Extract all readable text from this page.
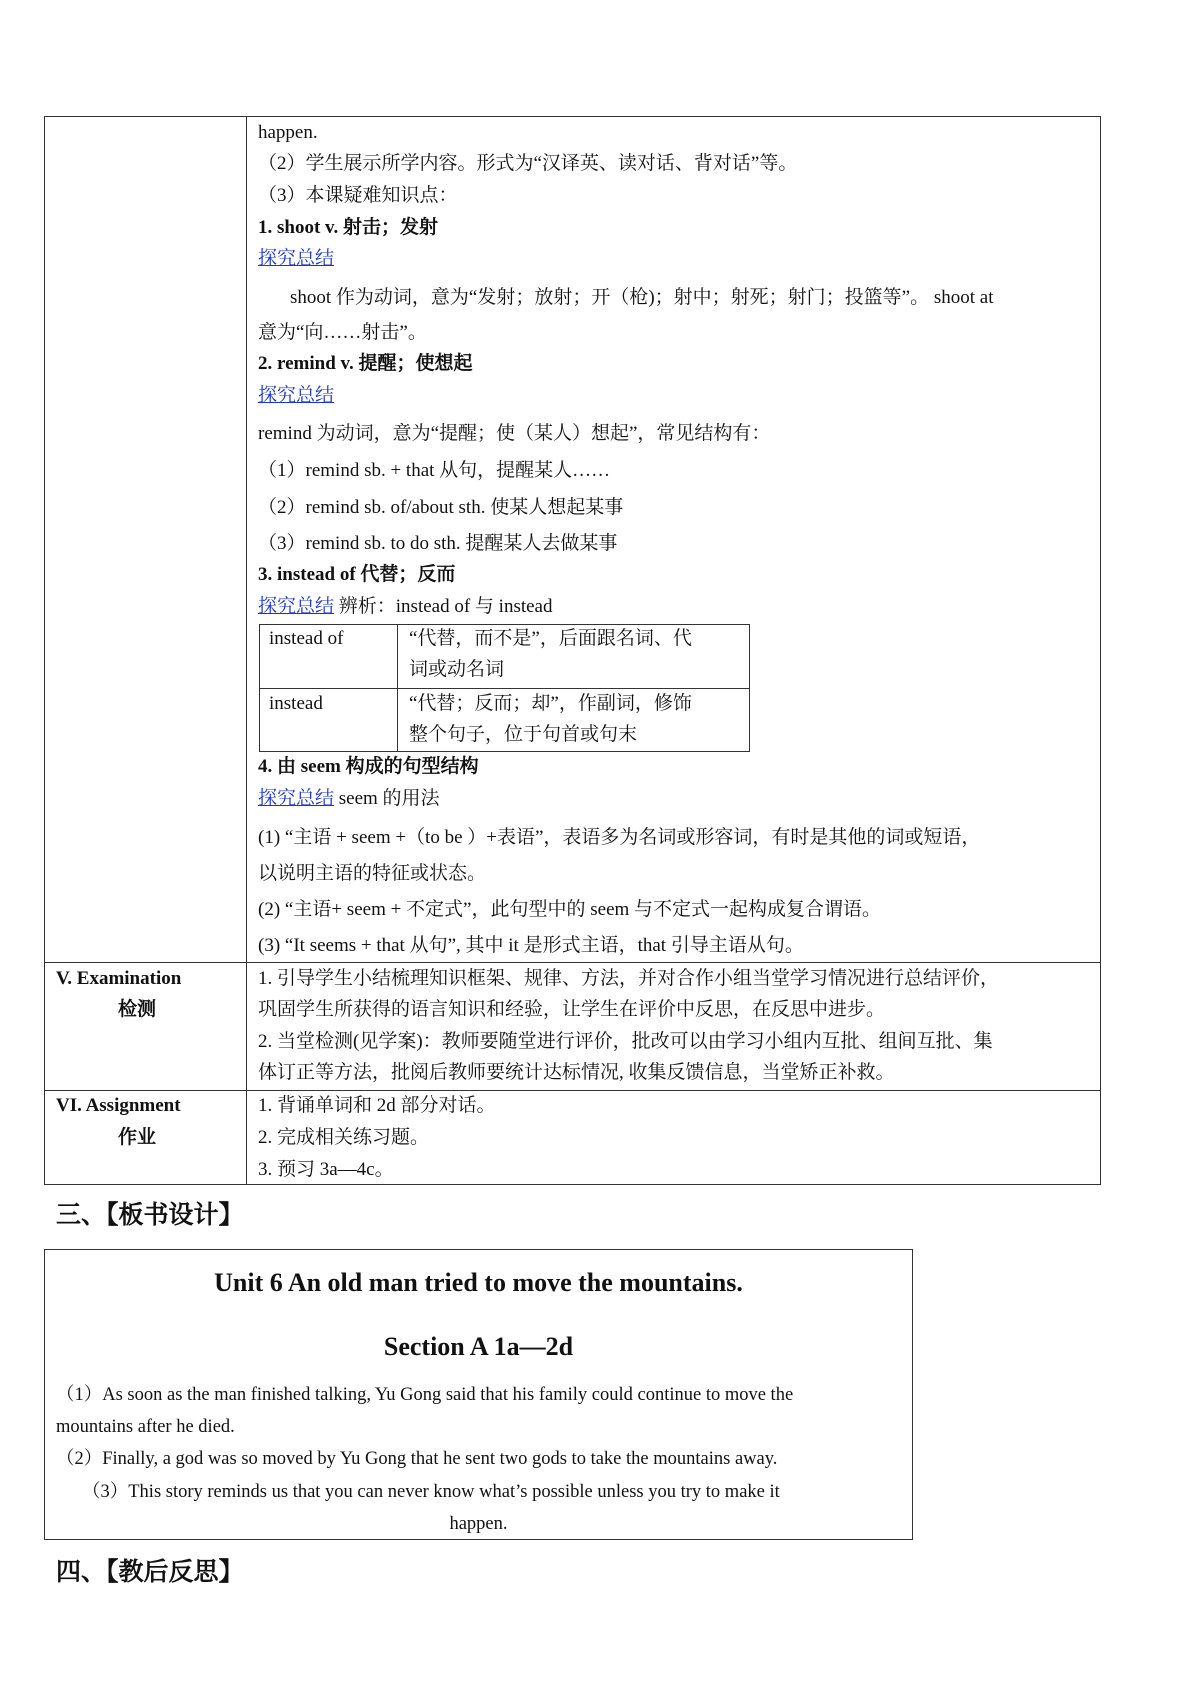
happen.
（2）学生展示所学内容。形式为“汉译英、读对话、背对话”等。
（3）本课疑难知识点：
1. shoot v. 射击；发射
探究总结
shoot 作为动词，意为“发射；放射；开（枪)；射中；射死；射门；投篮等”。 shoot at
意为“向……射击”。
2. remind v. 提醒；使想起
探究总结
remind 为动词，意为“提醒；使（某人）想起”，常见结构有：
（1）remind sb. + that 从句，提醒某人……
（2）remind sb. of/about sth. 使某人想起某事
（3）remind sb. to do sth. 提醒某人去做某事
3. instead of 代替；反而
探究总结 辨析：instead of 与 instead
instead of	“代替，而不是”，后面跟名词、代
词或动名词
instead	“代替；反而；却”，作副词，修饰
整个句子，位于句首或句末
4. 由 seem 构成的句型结构
探究总结 seem 的用法
(1) “主语 + seem +（to be ）+表语”，表语多为名词或形容词，有时是其他的词或短语，
以说明主语的特征或状态。
(2) “主语+ seem + 不定式”，此句型中的 seem 与不定式一起构成复合谓语。
(3) “It seems + that 从句”, 其中 it 是形式主语，that 引导主语从句。
V. Examination
检测
1. 引导学生小结梳理知识框架、规律、方法，并对合作小组当堂学习情况进行总结评价，
巩固学生所获得的语言知识和经验，让学生在评价中反思，在反思中进步。
2. 当堂检测(见学案)：教师要随堂进行评价，批改可以由学习小组内互批、组间互批、集
体订正等方法，批阅后教师要统计达标情况, 收集反馈信息，当堂矫正补救。
VI. Assignment
作业
1. 背诵单词和 2d 部分对话。
2. 完成相关练习题。
3. 预习 3a—4c。
三、【板书设计】
Unit 6 An old man tried to move the mountains.
Section A 1a—2d
（1）As soon as the man finished talking, Yu Gong said that his family could continue to move the
mountains after he died.
（2）Finally, a god was so moved by Yu Gong that he sent two gods to take the mountains away.
（3）This story reminds us that you can never know what’s possible unless you try to make it
happen.
四、【教后反思】
